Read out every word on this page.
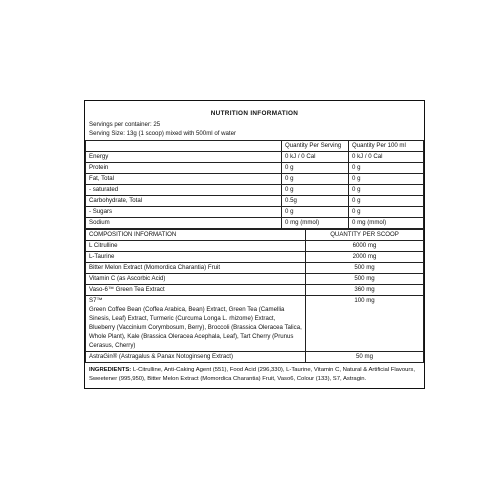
NUTRITION INFORMATION
Servings per container: 25
Serving Size: 13g (1 scoop) mixed with 500ml of water
	Quantity Per Serving	Quantity Per 100 ml
Energy	0 kJ / 0 Cal	0 kJ / 0 Cal
Protein	0 g	0 g
Fat, Total	0 g	0 g
- saturated	0 g	0 g
Carbohydrate, Total	0.5g	0 g
- Sugars	0 g	0 g
Sodium	0 mg (mmol)	0 mg (mmol)
COMPOSITION INFORMATION	QUANTITY PER SCOOP
L Citrulline	6000 mg
L-Taurine	2000 mg
Bitter Melon Extract (Momordica Charantia) Fruit	500 mg
Vitamin C (as Ascorbic Acid)	500 mg
Vaso-6™ Green Tea Extract	360 mg
S7™
Green Coffee Bean (Coffea Arabica, Bean) Extract, Green Tea (Camellia Sinesis, Leaf) Extract, Turmeric (Curcuma Longa L. rhizome) Extract, Blueberry (Vaccinium Corymbosum, Berry), Broccoli (Brassica Oleracea Talica, Whole Plant), Kale (Brassica Oleracea Acephala, Leaf), Tart Cherry (Prunus Cerasus, Cherry)	100 mg
AstraGin® (Astragalus & Panax Notoginseng Extract)	50 mg
INGREDIENTS: L-Citrulline, Anti-Caking Agent (551), Food Acid (296,330), L-Taurine, Vitamin C, Natural & Artificial Flavours, Sweetener (995,950), Bitter Melon Extract (Momordica Charantia) Fruit, Vaso6, Colour (133), S7, Astragin.
